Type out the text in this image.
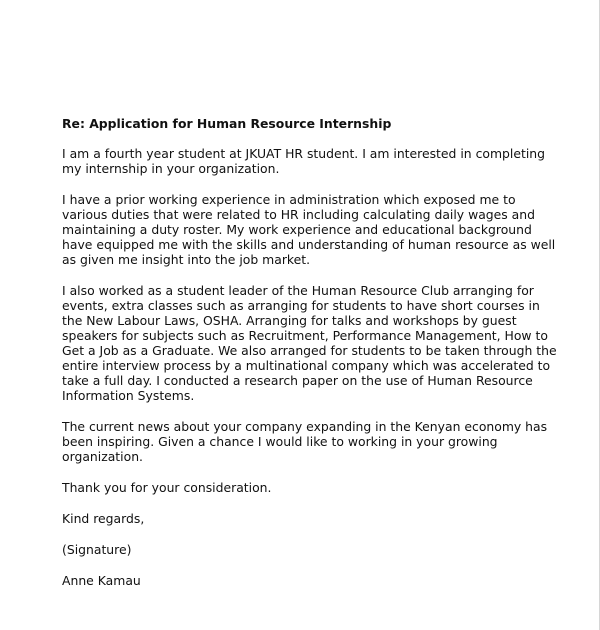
Re: Application for Human Resource Internship
I am a fourth year student at JKUAT HR student. I am interested in completing
my internship in your organization.
I have a prior working experience in administration which exposed me to
various duties that were related to HR including calculating daily wages and
maintaining a duty roster. My work experience and educational background
have equipped me with the skills and understanding of human resource as well
as given me insight into the job market.
I also worked as a student leader of the Human Resource Club arranging for
events, extra classes such as arranging for students to have short courses in
the New Labour Laws, OSHA. Arranging for talks and workshops by guest
speakers for subjects such as Recruitment, Performance Management, How to
Get a Job as a Graduate. We also arranged for students to be taken through the
entire interview process by a multinational company which was accelerated to
take a full day. I conducted a research paper on the use of Human Resource
Information Systems.
The current news about your company expanding in the Kenyan economy has
been inspiring. Given a chance I would like to working in your growing
organization.
Thank you for your consideration.
Kind regards,
(Signature)
Anne Kamau
